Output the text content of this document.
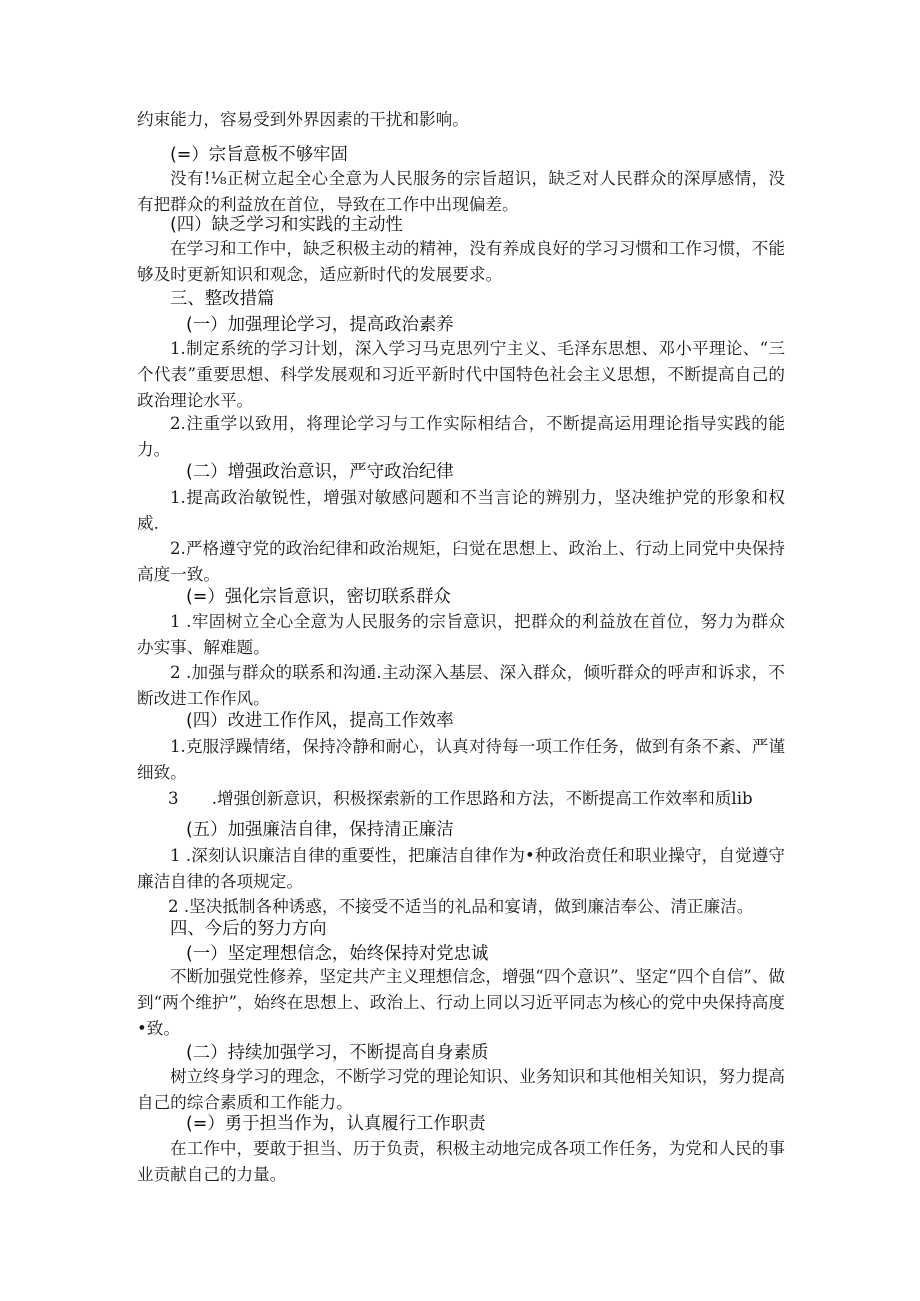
约束能力，容易受到外界因素的干扰和影响。
(=）宗旨意板不够牢固

没有!⅛正树立起全心全意为人民服务的宗旨超识，缺乏对人民群众的深厚感情，没有把群众的利益放在首位，导致在工作中出现偏差。

(四）缺乏学习和实践的主动性

在学习和工作中，缺乏积极主动的精神，没有养成良好的学习习惯和工作习惯，不能够及时更新知识和观念，适应新时代的发展要求。

三、整改措篇
(一）加强理论学习，提高政治素养

1.制定系统的学习计划，深入学习马克思列宁主义、毛泽东思想、邓小平理论、“三个代表”重要思想、科学发展观和习近平新时代中国特色社会主义思想，不断提高自己的政治理论水平。

2.注重学以致用，将理论学习与工作实际相结合，不断提高运用理论指导实践的能力。

(二）增强政治意识，严守政治纪律

1.提高政治敏锐性，增强对敏感问题和不当言论的辨别力，坚决维护党的形象和权威.

2.严格遵守党的政治纪律和政治规矩，臼觉在思想上、政治上、行动上同党中央保持高度一致。

(=）强化宗旨意识，密切联系群众

1 .牢固树立全心全意为人民服务的宗旨意识，把群众的利益放在首位，努力为群众办实事、解难题。

2 .加强与群众的联系和沟通.主动深入基层、深入群众，倾听群众的呼声和诉求，不断改进工作作风。

(四）改进工作作风，提高工作效率

1.克服浮躁情绪，保持冷静和耐心，认真对待每一项工作任务，做到有条不紊、严谨细致。

3　　.增强创新意识，积极探索新的工作思路和方法，不断提高工作效率和质lib
(五）加强廉洁自律，保持清正廉洁

1 .深刻认识廉洁自律的重要性，把廉洁自律作为•种政治贲任和职业操守，自觉遵守廉洁自律的各项规定。

2 .坚决抵制各种诱惑，不接受不适当的礼品和宴请，做到廉洁奉公、清正廉洁。
四、今后的努力方向
(一）坚定理想信念，始终保持对党忠诚

不断加强党性修养，坚定共产主义理想信念，增强“四个意识”、坚定“四个自信”、做到“两个维护”，始终在思想上、政治上、行动上同以习近平同志为核心的党中央保持高度•致。

(二）持续加强学习，不断提高自身素质

树立终身学习的理念，不断学习党的理论知识、业务知识和其他相关知识，努力提高自己的综合素质和工作能力。

(=）勇于担当作为，认真履行工作职责

在工作中，要敢于担当、历于负责，积极主动地完成各项工作任务，为党和人民的事业贡献自己的力量。
